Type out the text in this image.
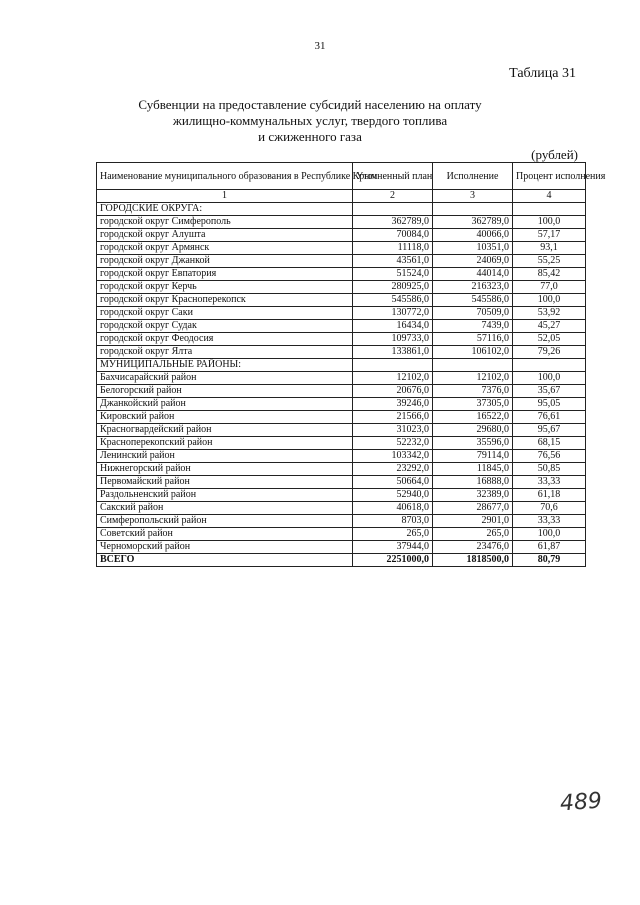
31
Таблица 31
Субвенции на предоставление субсидий населению на оплату
жилищно-коммунальных услуг, твердого топлива
и сжиженного газа
(рублей)
Наименование муниципального образования в Республике Крым	Уточненный план	Исполнение	Процент исполнения
1	2	3	4
ГОРОДСКИЕ ОКРУГА:			
городской округ Симферополь	362789,0	362789,0	100,0
городской округ Алушта	70084,0	40066,0	57,17
городской округ Армянск	11118,0	10351,0	93,1
городской округ Джанкой	43561,0	24069,0	55,25
городской округ Евпатория	51524,0	44014,0	85,42
городской округ Керчь	280925,0	216323,0	77,0
городской округ Красноперекопск	545586,0	545586,0	100,0
городской округ Саки	130772,0	70509,0	53,92
городской округ Судак	16434,0	7439,0	45,27
городской округ Феодосия	109733,0	57116,0	52,05
городской округ Ялта	133861,0	106102,0	79,26
МУНИЦИПАЛЬНЫЕ РАЙОНЫ:			
Бахчисарайский район	12102,0	12102,0	100,0
Белогорский район	20676,0	7376,0	35,67
Джанкойский район	39246,0	37305,0	95,05
Кировский район	21566,0	16522,0	76,61
Красногвардейский район	31023,0	29680,0	95,67
Красноперекопский район	52232,0	35596,0	68,15
Ленинский район	103342,0	79114,0	76,56
Нижнегорский район	23292,0	11845,0	50,85
Первомайский район	50664,0	16888,0	33,33
Раздольненский район	52940,0	32389,0	61,18
Сакский район	40618,0	28677,0	70,6
Симферопольский район	8703,0	2901,0	33,33
Советский район	265,0	265,0	100,0
Черноморский район	37944,0	23476,0	61,87
ВСЕГО	2251000,0	1818500,0	80,79
489
